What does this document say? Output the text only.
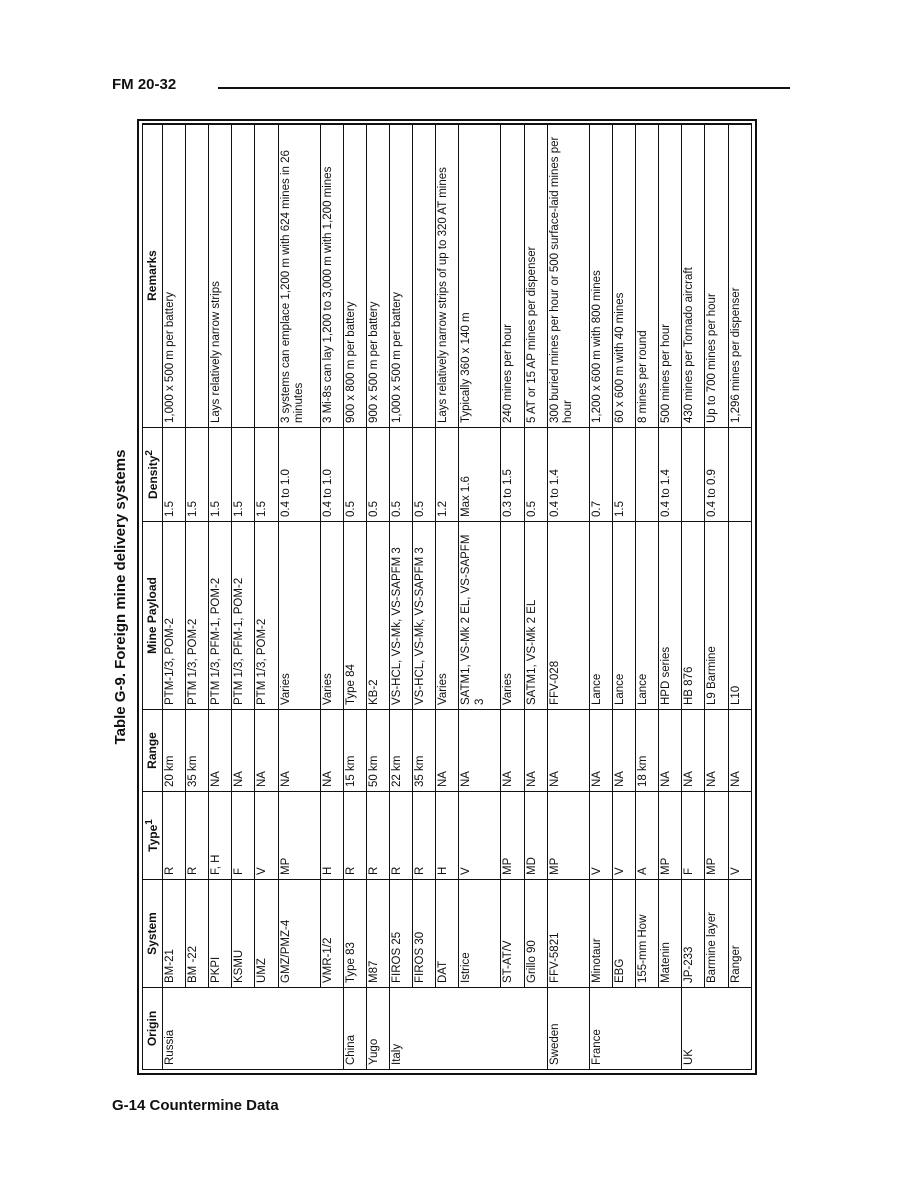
FM 20-32
Table G-9. Foreign mine delivery systems
Origin	System	Type$^1$	Range	Mine Payload	Density$^2$	Remarks
Russia	BM-21	R	20 km	PTM-1/3, POM-2	1.5	1,000 x 500 m per battery
	BM -22	R	35 km	PTM 1/3, POM-2	1.5	
	PKPI	F, H	NA	PTM 1/3, PFM-1, POM-2	1.5	Lays relatively narrow strips
	KSMU	F	NA	PTM 1/3, PFM-1, POM-2	1.5	
	UMZ	V	NA	PTM 1/3, POM-2	1.5	
	GMZ/PMZ-4	MP	NA	Varies	0.4 to 1.0	3 systems can emplace 1,200 m with 624 mines in 26 minutes
	VMR-1/2	H	NA	Varies	0.4 to 1.0	3 Mi-8s can lay 1,200 to 3,000 m with 1,200 mines
China	Type 83	R	15 km	Type 84	0.5	900 x 800 m per battery
Yugo	M87	R	50 km	KB-2	0.5	900 x 500 m per battery
Italy	FIROS 25	R	22 km	VS-HCL, VS-Mk, VS-SAPFM 3	0.5	1,000 x 500 m per battery
	FIROS 30	R	35 km	VS-HCL, VS-Mk, VS-SAPFM 3	0.5	
	DAT	H	NA	Varies	1.2	Lays relatively narrow strips of up to 320 AT mines
	Istrice	V	NA	SATM1, VS-Mk 2 EL, VS-SAPFM 3	Max 1.6	Typically 360 x 140 m
	ST-AT/V	MP	NA	Varies	0.3 to 1.5	240 mines per hour
	Grillo 90	MD	NA	SATM1, VS-Mk 2 EL	0.5	5 AT or 15 AP mines per dispenser
Sweden	FFV-5821	MP	NA	FFV-028	0.4 to 1.4	300 buried mines per hour or 500 surface-laid mines per hour
France	Minotaur	V	NA	Lance	0.7	1,200 x 600 m with 800 mines
	EBG	V	NA	Lance	1.5	60 x 600 m with 40 mines
	155-mm How	A	18 km	Lance		8 mines per round
	Matenin	MP	NA	HPD series	0.4 to 1.4	500 mines per hour
UK	JP-233	F	NA	HB 876		430 mines per Tornado aircraft
	Barmine layer	MP	NA	L9 Barmine	0.4 to 0.9	Up to 700 mines per hour
	Ranger	V	NA	L10		1,296 mines per dispenser
G-14 Countermine Data
